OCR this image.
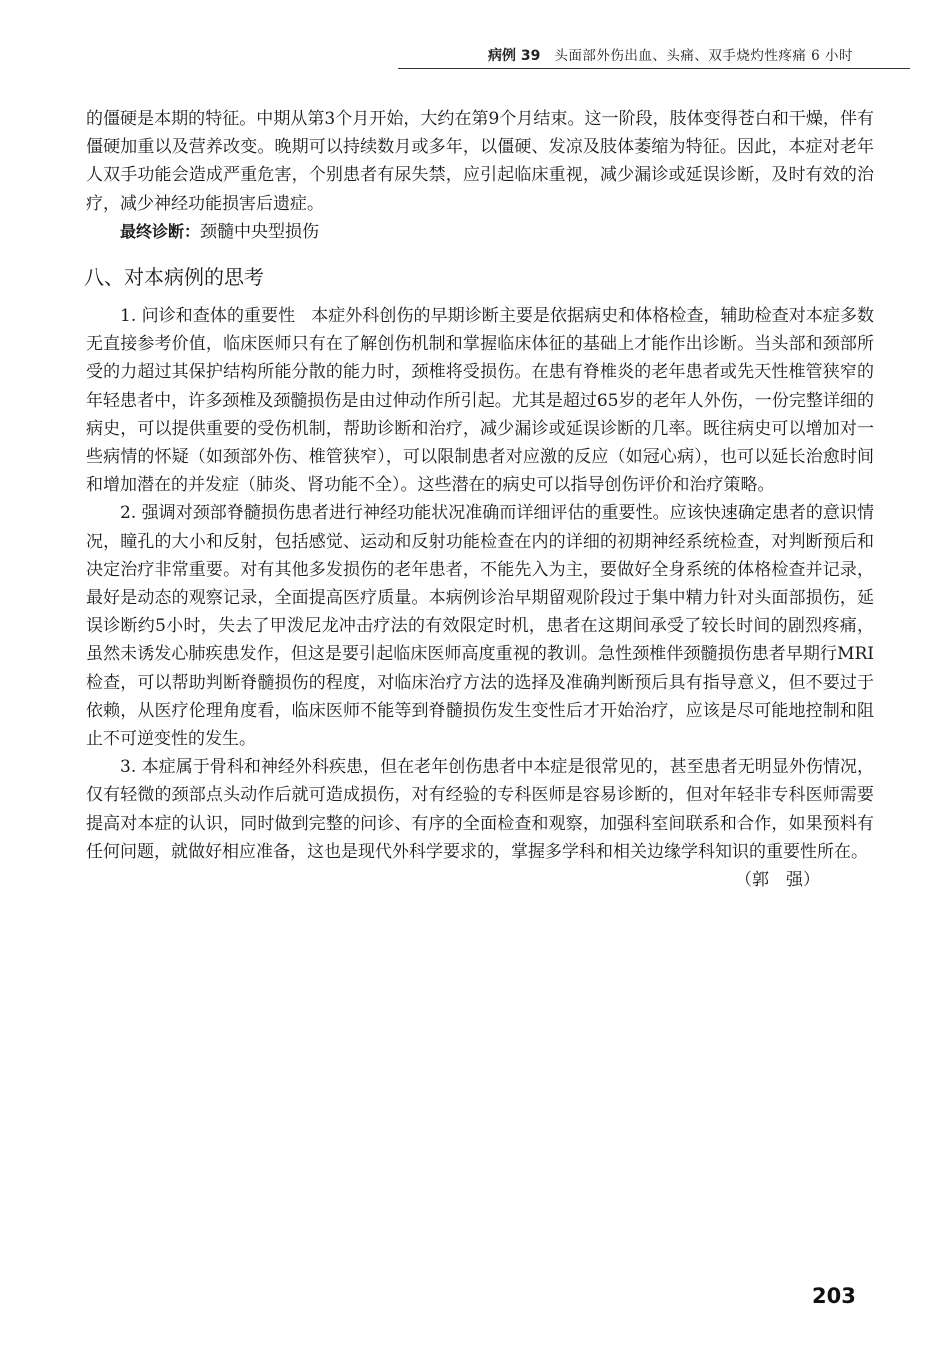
病例 39 头面部外伤出血、头痛、双手烧灼性疼痛 6 小时

的僵硬是本期的特征。中期从第3个月开始，大约在第9个月结束。这一阶段，肢体变得苍白和干燥，伴有僵硬加重以及营养改变。晚期可以持续数月或多年，以僵硬、发凉及肢体萎缩为特征。因此，本症对老年人双手功能会造成严重危害，个别患者有尿失禁，应引起临床重视，减少漏诊或延误诊断，及时有效的治疗，减少神经功能损害后遗症。

最终诊断：颈髓中央型损伤

八、对本病例的思考

1. 问诊和查体的重要性 本症外科创伤的早期诊断主要是依据病史和体格检查，辅助检查对本症多数无直接参考价值，临床医师只有在了解创伤机制和掌握临床体征的基础上才能作出诊断。当头部和颈部所受的力超过其保护结构所能分散的能力时，颈椎将受损伤。在患有脊椎炎的老年患者或先天性椎管狭窄的年轻患者中，许多颈椎及颈髓损伤是由过伸动作所引起。尤其是超过65岁的老年人外伤，一份完整详细的病史，可以提供重要的受伤机制，帮助诊断和治疗，减少漏诊或延误诊断的几率。既往病史可以增加对一些病情的怀疑（如颈部外伤、椎管狭窄），可以限制患者对应激的反应（如冠心病），也可以延长治愈时间和增加潜在的并发症（肺炎、肾功能不全）。这些潜在的病史可以指导创伤评价和治疗策略。

2. 强调对颈部脊髓损伤患者进行神经功能状况准确而详细评估的重要性。应该快速确定患者的意识情况，瞳孔的大小和反射，包括感觉、运动和反射功能检查在内的详细的初期神经系统检查，对判断预后和决定治疗非常重要。对有其他多发损伤的老年患者，不能先入为主，要做好全身系统的体格检查并记录，最好是动态的观察记录，全面提高医疗质量。本病例诊治早期留观阶段过于集中精力针对头面部损伤，延误诊断约5小时，失去了甲泼尼龙冲击疗法的有效限定时机，患者在这期间承受了较长时间的剧烈疼痛，虽然未诱发心肺疾患发作，但这是要引起临床医师高度重视的教训。急性颈椎伴颈髓损伤患者早期行MRI检查，可以帮助判断脊髓损伤的程度，对临床治疗方法的选择及准确判断预后具有指导意义，但不要过于依赖，从医疗伦理角度看，临床医师不能等到脊髓损伤发生变性后才开始治疗，应该是尽可能地控制和阻止不可逆变性的发生。

3. 本症属于骨科和神经外科疾患，但在老年创伤患者中本症是很常见的，甚至患者无明显外伤情况，仅有轻微的颈部点头动作后就可造成损伤，对有经验的专科医师是容易诊断的，但对年轻非专科医师需要提高对本症的认识，同时做到完整的问诊、有序的全面检查和观察，加强科室间联系和合作，如果预料有任何问题，就做好相应准备，这也是现代外科学要求的，掌握多学科和相关边缘学科知识的重要性所在。

（郭　强）

203
